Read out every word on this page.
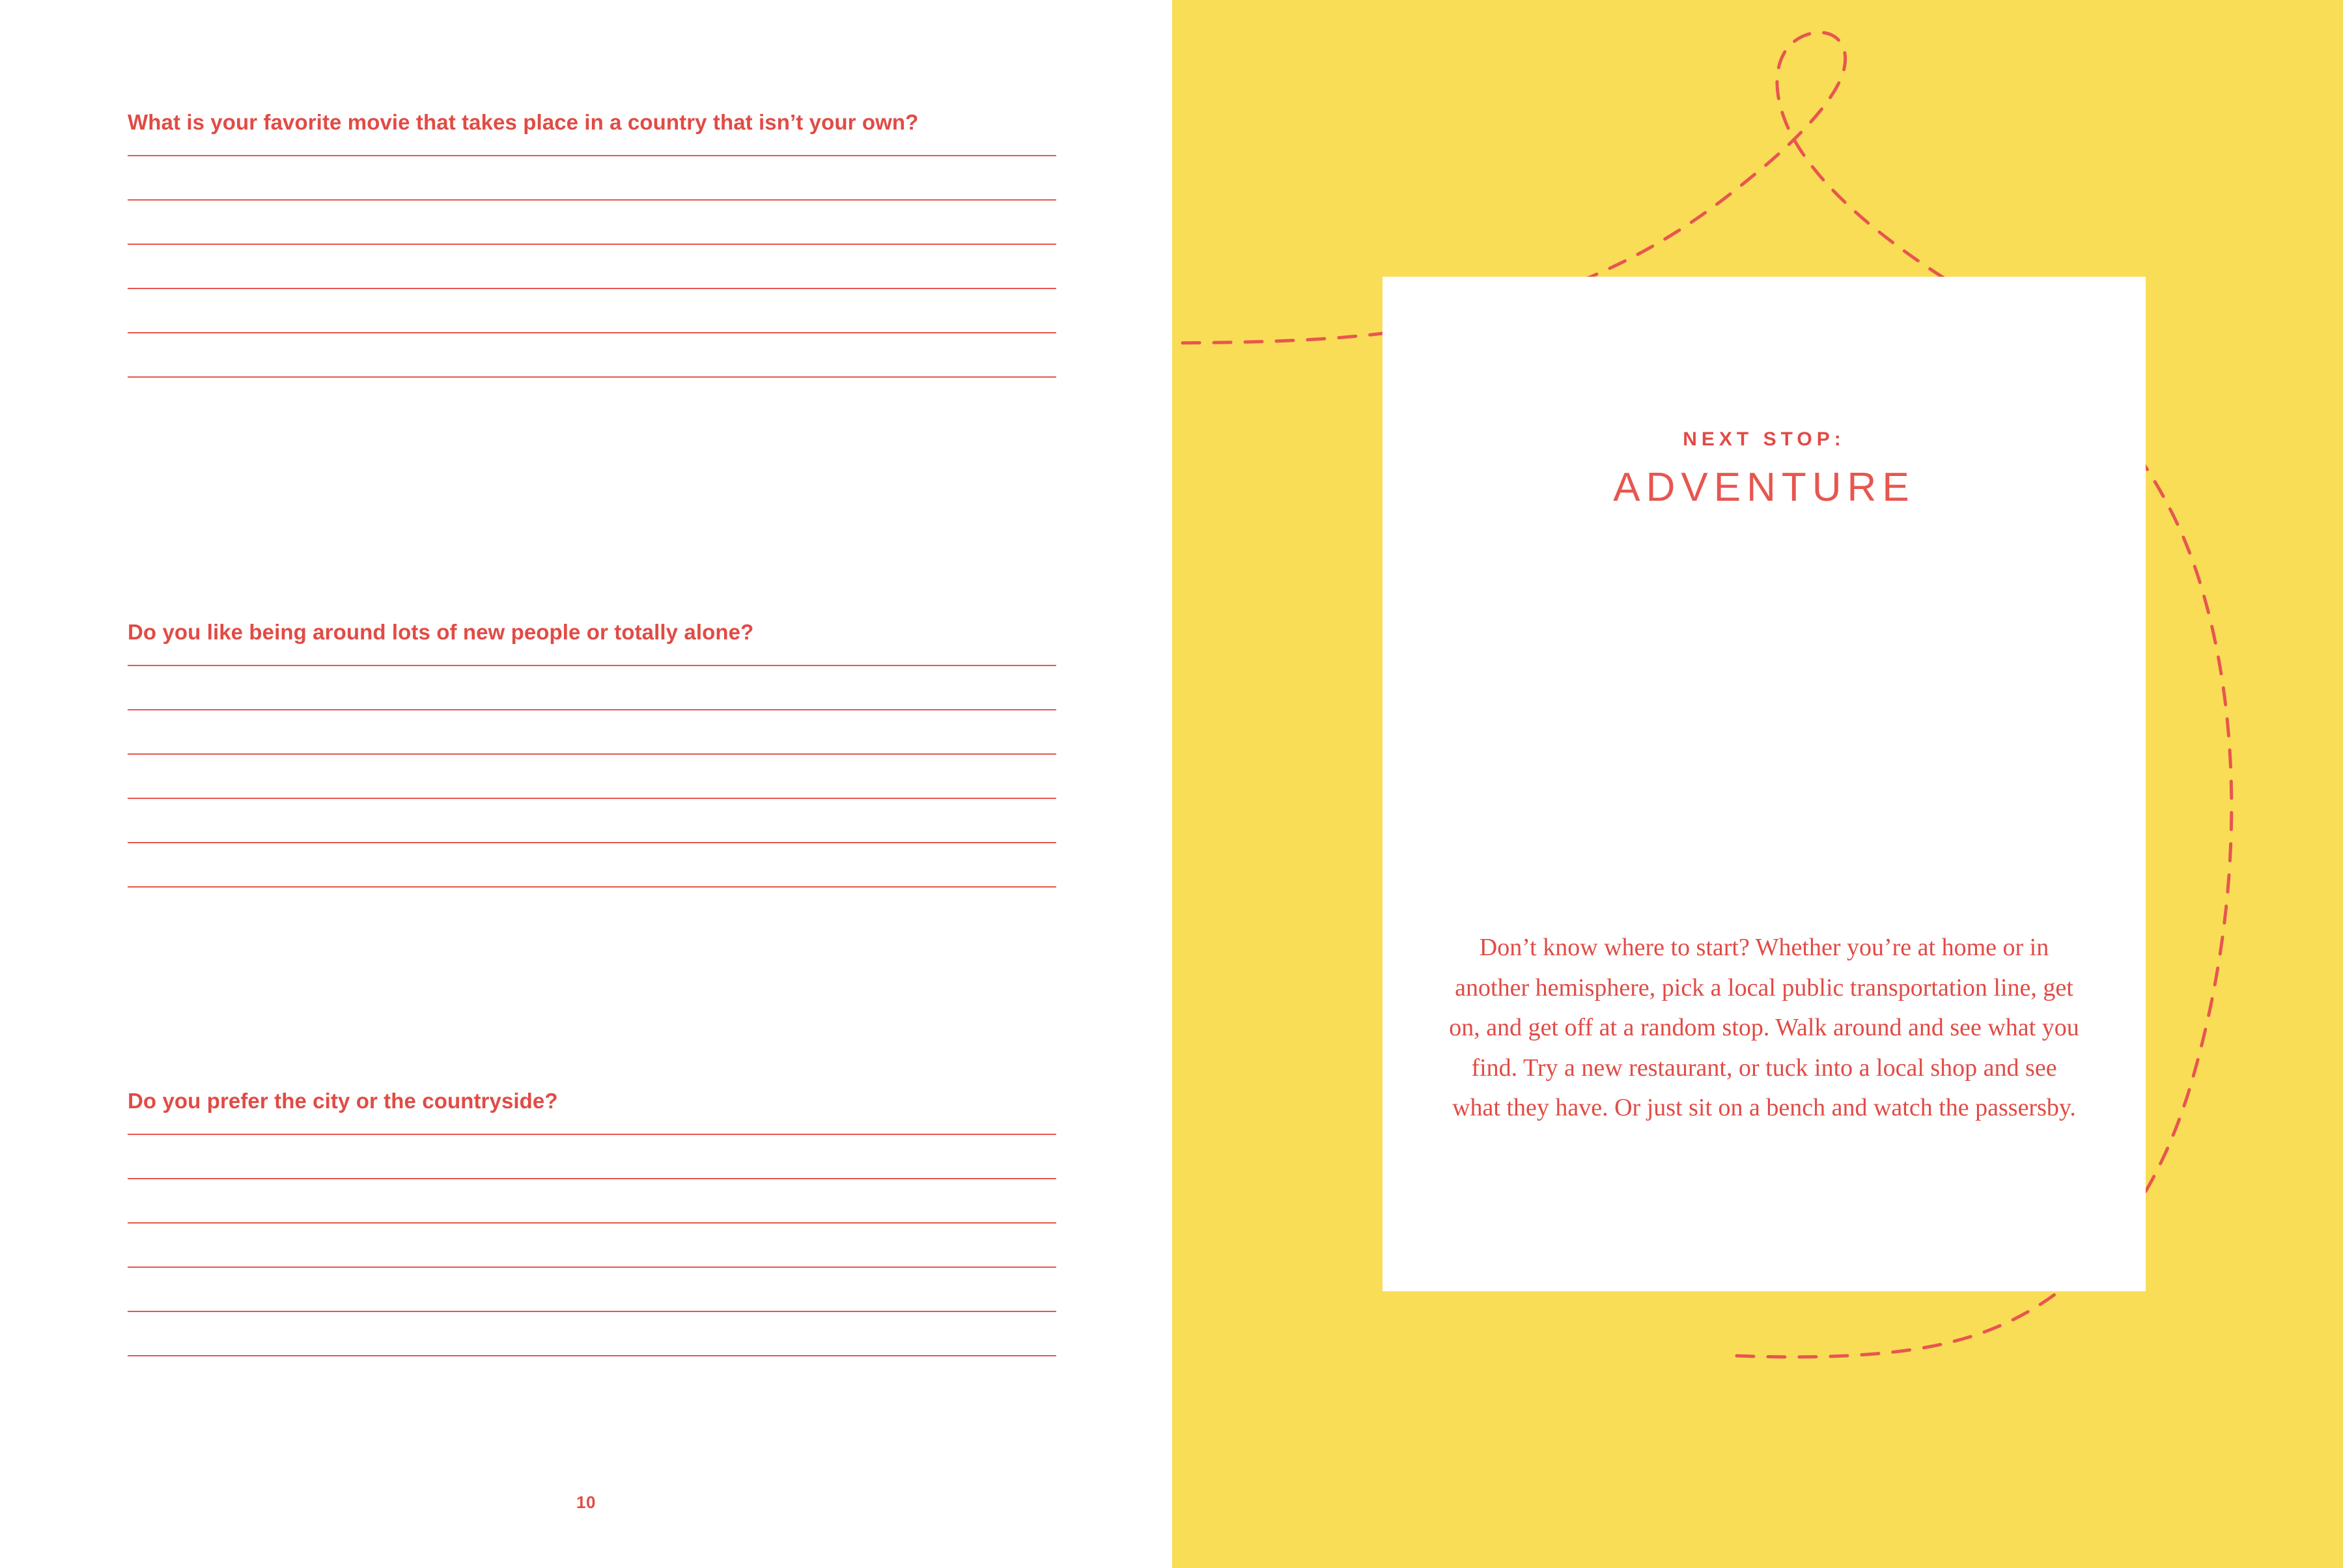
What is your favorite movie that takes place in a country that isn’t your own?

Do you like being around lots of new people or totally alone?

Do you prefer the city or the countryside?

10
NEXT STOP:
ADVENTURE
Don’t know where to start? Whether you’re at home or in another hemisphere, pick a local public transportation line, get on, and get off at a random stop. Walk around and see what you find. Try a new restaurant, or tuck into a local shop and see what they have. Or just sit on a bench and watch the passersby.
